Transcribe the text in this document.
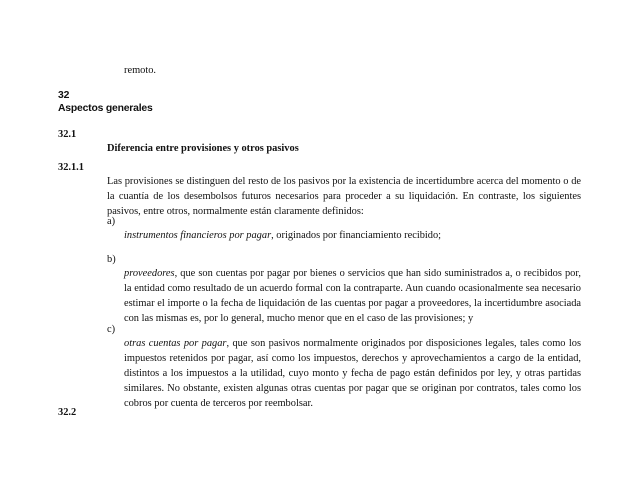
remoto.
32
Aspectos generales
32.1
Diferencia entre provisiones y otros pasivos
32.1.1
Las provisiones se distinguen del resto de los pasivos por la existencia de incertidumbre acerca del momento o de
la cuantía de los desembolsos futuros necesarios para proceder a su liquidación. En contraste, los siguientes
pasivos, entre otros, normalmente están claramente definidos:
a)
instrumentos financieros por pagar, originados por financiamiento recibido;
b)
proveedores, que son cuentas por pagar por bienes o servicios que han sido suministrados a, o recibidos por,
la entidad como resultado de un acuerdo formal con la contraparte. Aun cuando ocasionalmente sea necesario
estimar el importe o la fecha de liquidación de las cuentas por pagar a proveedores, la incertidumbre asociada
con las mismas es, por lo general, mucho menor que en el caso de las provisiones; y
c)
otras cuentas por pagar, que son pasivos normalmente originados por disposiciones legales, tales como los
impuestos retenidos por pagar, así como los impuestos, derechos y aprovechamientos a cargo de la entidad,
distintos a los impuestos a la utilidad, cuyo monto y fecha de pago están definidos por ley, y otras partidas
similares. No obstante, existen algunas otras cuentas por pagar que se originan por contratos, tales como los
cobros por cuenta de terceros por reembolsar.
32.2
